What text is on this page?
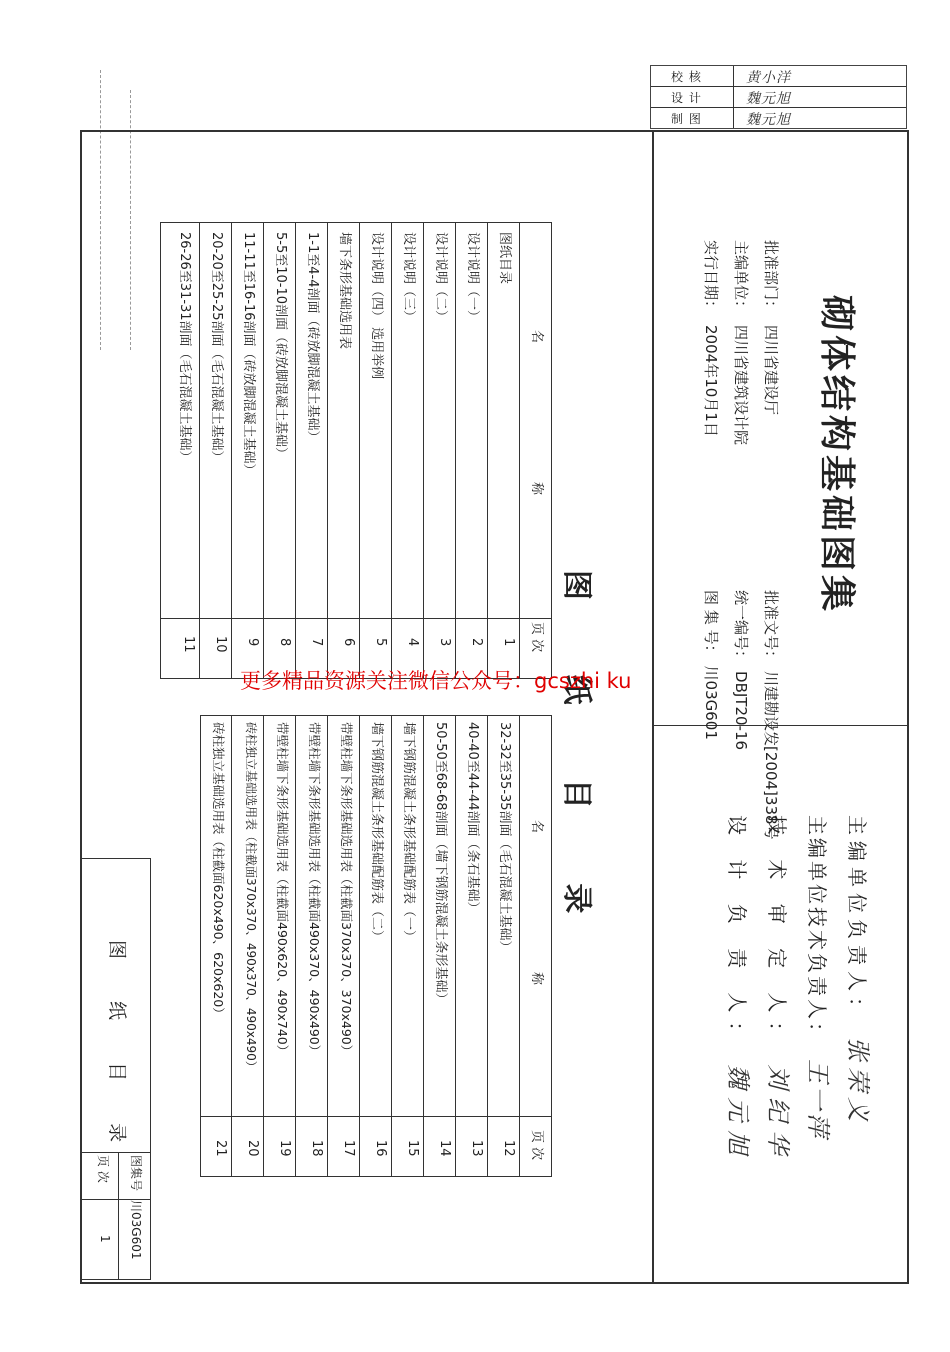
校 核	黄小洋
设 计	魏元旭
制 图	魏元旭
砌体结构基础图集
批准部门：四川省建设厅
主编单位：四川省建筑设计院
实行日期：2004年10月1日
批准文号：川建勘设发[2004]338号
统一编号：DBJT20-16
图 集 号：川03G601
主编单位负责人：张荣义
主编单位技术负责人：王一萍
技 术 审 定 人：刘纪华
设 计 负 责 人：魏元旭
图 纸 目 录
名　　　　　　　称
页 次
图纸目录
1
设计说明（一）
2
设计说明（二）
3
设计说明（三）
4
设计说明（四） 选用举例
5
墙下条形基础选用表
6
1-1至4-4剖面（砖放脚混凝土基础）
7
5-5至10-10剖面（砖放脚混凝土基础）
8
11-11至16-16剖面（砖放脚混凝土基础）
9
20-20至25-25剖面（毛石混凝土基础）
10
26-26至31-31剖面（毛石混凝土基础）
11
名　　　　　　　称
页 次
32-32至35-35剖面（毛石混凝土基础）
12
40-40至44-44剖面（条石基础）
13
50-50至68-68剖面（墙下钢筋混凝土条形基础）
14
墙下钢筋混凝土条形基础配筋表（一）
15
墙下钢筋混凝土条形基础配筋表（二）
16
带壁柱墙下条形基础选用表（柱截面370x370、370x490）
17
带壁柱墙下条形基础选用表（柱截面490x370、490x490）
18
带壁柱墙下条形基础选用表（柱截面490x620、490x740）
19
砖柱独立基础选用表（柱截面370x370、490x370、490x490）
20
砖柱独立基础选用表（柱截面620x490、620x620）
21
图 纸 目 录
图集号
川03G601
页 次
1
更多精品资源关注微信公众号：gcszhi ku
